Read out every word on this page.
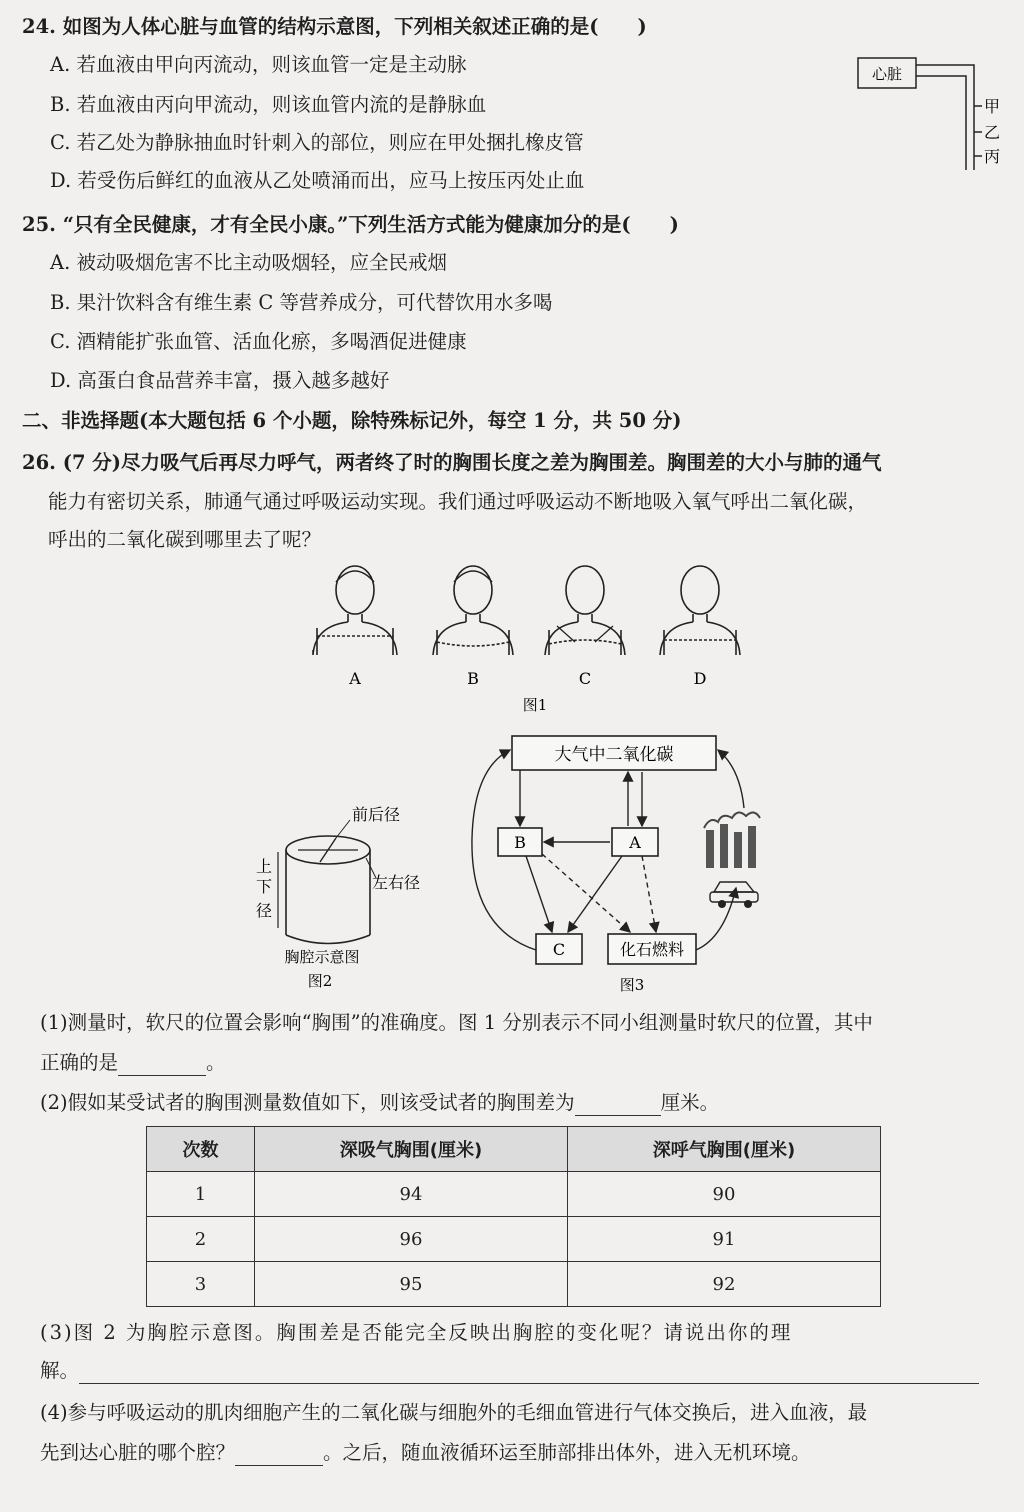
24. 如图为人体心脏与血管的结构示意图，下列相关叙述正确的是(　　)
A. 若血液由甲向丙流动，则该血管一定是主动脉
B. 若血液由丙向甲流动，则该血管内流的是静脉血
C. 若乙处为静脉抽血时针刺入的部位，则应在甲处捆扎橡皮管
D. 若受伤后鲜红的血液从乙处喷涌而出，应马上按压丙处止血
心脏
甲
乙
丙
25. “只有全民健康，才有全民小康。”下列生活方式能为健康加分的是(　　)
A. 被动吸烟危害不比主动吸烟轻，应全民戒烟
B. 果汁饮料含有维生素 C 等营养成分，可代替饮用水多喝
C. 酒精能扩张血管、活血化瘀，多喝酒促进健康
D. 高蛋白食品营养丰富，摄入越多越好
二、非选择题(本大题包括 6 个小题，除特殊标记外，每空 1 分，共 50 分)
26. (7 分)尽力吸气后再尽力呼气，两者终了时的胸围长度之差为胸围差。胸围差的大小与肺的通气
能力有密切关系，肺通气通过呼吸运动实现。我们通过呼吸运动不断地吸入氧气呼出二氧化碳，
呼出的二氧化碳到哪里去了呢？
A	B	C	D
图1
前后径
左右径
上
下
径
胸腔示意图
图2
大气中二氧化碳
B	A
C	化石燃料
图3
(1)测量时，软尺的位置会影响“胸围”的准确度。图 1 分别表示不同小组测量时软尺的位置，其中
正确的是	。
(2)假如某受试者的胸围测量数值如下，则该受试者的胸围差为	厘米。
次数	深吸气胸围(厘米)	深呼气胸围(厘米)
1	94	90
2	96	91
3	95	92
(3)图 2 为胸腔示意图。胸围差是否能完全反映出胸腔的变化呢？请说出你的理
解。
(4)参与呼吸运动的肌肉细胞产生的二氧化碳与细胞外的毛细血管进行气体交换后，进入血液，最
先到达心脏的哪个腔？	。之后，随血液循环运至肺部排出体外，进入无机环境。
